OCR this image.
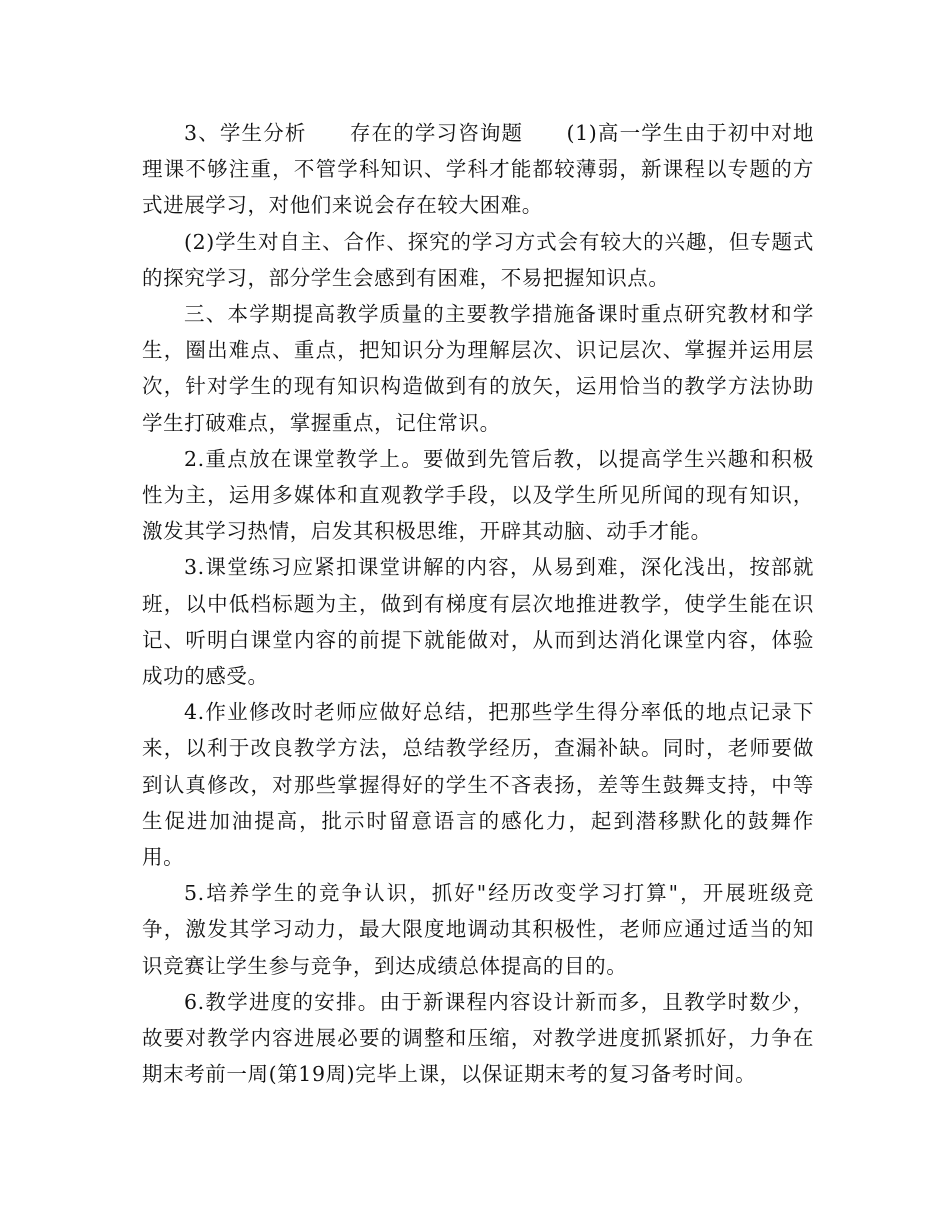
3、学生分析　　存在的学习咨询题　　(1)高一学生由于初中对地理课不够注重，不管学科知识、学科才能都较薄弱，新课程以专题的方式进展学习，对他们来说会存在较大困难。

(2)学生对自主、合作、探究的学习方式会有较大的兴趣，但专题式的探究学习，部分学生会感到有困难，不易把握知识点。

三、本学期提高教学质量的主要教学措施备课时重点研究教材和学生，圈出难点、重点，把知识分为理解层次、识记层次、掌握并运用层次，针对学生的现有知识构造做到有的放矢，运用恰当的教学方法协助学生打破难点，掌握重点，记住常识。

2.重点放在课堂教学上。要做到先管后教，以提高学生兴趣和积极性为主，运用多媒体和直观教学手段，以及学生所见所闻的现有知识，激发其学习热情，启发其积极思维，开辟其动脑、动手才能。

3.课堂练习应紧扣课堂讲解的内容，从易到难，深化浅出，按部就班，以中低档标题为主，做到有梯度有层次地推进教学，使学生能在识记、听明白课堂内容的前提下就能做对，从而到达消化课堂内容，体验成功的感受。

4.作业修改时老师应做好总结，把那些学生得分率低的地点记录下来，以利于改良教学方法，总结教学经历，查漏补缺。同时，老师要做到认真修改，对那些掌握得好的学生不吝表扬，差等生鼓舞支持，中等生促进加油提高，批示时留意语言的感化力，起到潜移默化的鼓舞作用。

5.培养学生的竞争认识，抓好"经历改变学习打算"，开展班级竞争，激发其学习动力，最大限度地调动其积极性，老师应通过适当的知识竞赛让学生参与竞争，到达成绩总体提高的目的。

6.教学进度的安排。由于新课程内容设计新而多，且教学时数少，故要对教学内容进展必要的调整和压缩，对教学进度抓紧抓好，力争在期末考前一周(第19周)完毕上课，以保证期末考的复习备考时间。
